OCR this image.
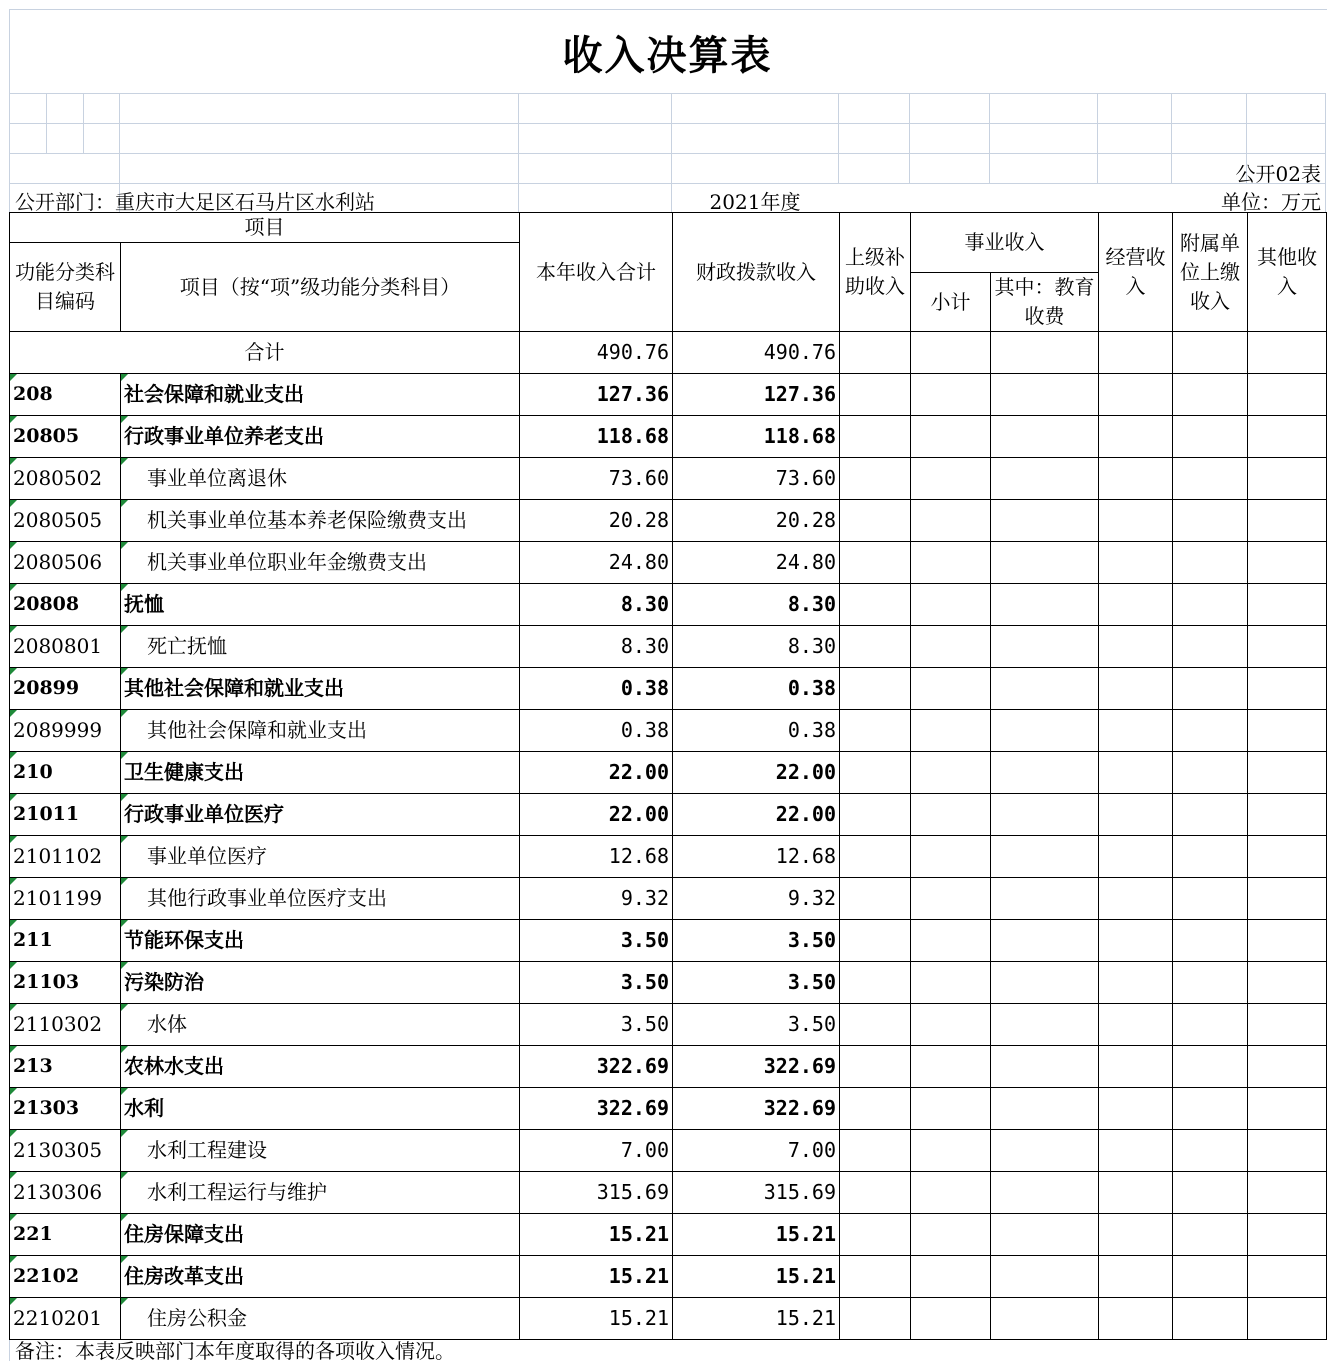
收入决算表
公开02表
公开部门：重庆市大足区石马片区水利站	2021年度	单位：万元
项目		本年收入合计	财政拨款收入	上级补助收入	事业收入		经营收入	附属单位上缴收入	其他收入
功能分类科目编码	项目（按“项”级功能分类科目）								
					小计	其中：教育收费			
合计		490.76	490.76						
208	社会保障和就业支出	127.36	127.36						
20805	行政事业单位养老支出	118.68	118.68						
2080502	事业单位离退休	73.60	73.60						
2080505	机关事业单位基本养老保险缴费支出	20.28	20.28						
2080506	机关事业单位职业年金缴费支出	24.80	24.80						
20808	抚恤	8.30	8.30						
2080801	死亡抚恤	8.30	8.30						
20899	其他社会保障和就业支出	0.38	0.38						
2089999	其他社会保障和就业支出	0.38	0.38						
210	卫生健康支出	22.00	22.00						
21011	行政事业单位医疗	22.00	22.00						
2101102	事业单位医疗	12.68	12.68						
2101199	其他行政事业单位医疗支出	9.32	9.32						
211	节能环保支出	3.50	3.50						
21103	污染防治	3.50	3.50						
2110302	水体	3.50	3.50						
213	农林水支出	322.69	322.69						
21303	水利	322.69	322.69						
2130305	水利工程建设	7.00	7.00						
2130306	水利工程运行与维护	315.69	315.69						
221	住房保障支出	15.21	15.21						
22102	住房改革支出	15.21	15.21						
2210201	住房公积金	15.21	15.21						
备注：本表反映部门本年度取得的各项收入情况。
